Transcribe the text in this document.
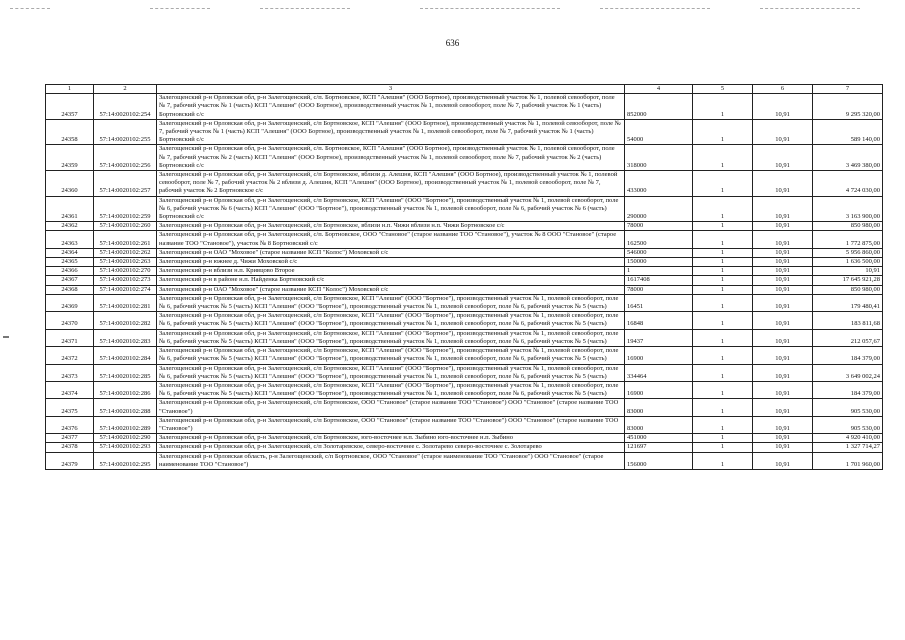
636
1	2	3	4	5	6	7
24357	57:14:0020102:254	Залегощенский р-н Орловская обл, р-н Залегощенский, с/п. Бортновское, КСП "Алешня" (ООО Бортное), производственный участок № 1, полевой севооборот, поле № 7, рабочий участок № 1 (часть) КСП "Алешня" (ООО Бортное), производственный участок № 1, полевой севооборот, поле № 7, рабочий участок № 1 (часть) Бортновский с/с	852000	1	10,91	9 295 320,00
24358	57:14:0020102:255	Залегощенский р-н Орловская обл, р-н Залегощенский, с/п Бортновское, КСП "Алешня" (ООО Бортное), производственный участок № 1, полевой севооборот, поле № 7, рабочий участок № 1 (часть) КСП "Алешня" (ООО Бортное), производственный участок № 1, полевой севооборот, поле № 7, рабочий участок № 1 (часть) Бортновский с/с	54000	1	10,91	589 140,00
24359	57:14:0020102:256	Залегощенский р-н Орловская обл, р-н Залегощенский, с/п. Бортновское, КСП "Алешня" (ООО Бортное), производственный участок № 1, полевой севооборот, поле № 7, рабочий участок № 2 (часть) КСП "Алешня" (ООО Бортное), производственный участок № 1, полевой севооборот, поле № 7, рабочий участок № 2 (часть) Бортновский с/с	318000	1	10,91	3 469 380,00
24360	57:14:0020102:257	Залегощенский р-н Орловская обл, р-н Залегощенский, с/п Бортновское, вблизи д. Алешня, КСП "Алешня" (ООО Бортное), производственный участок № 1, полевой севооборот, поле № 7, рабочий участок № 2 вблизи д. Алешня, КСП "Алешня" (ООО Бортное), производственный участок № 1, полевой севооборот, поле № 7, рабочий участок № 2 Бортновское с/с	433000	1	10,91	4 724 030,00
24361	57:14:0020102:259	Залегощенский р-н Орловская обл, р-н Залегощенский, с/п Бортновское, КСП "Алешня" (ООО "Бортное"), производственный участок № 1, полевой севооборот, поле № 6, рабочий участок № 6 (часть) КСП "Алешня" (ООО "Бортное"), производственный участок № 1, полевой севооборот, поле № 6, рабочий участок № 6 (часть) Бортновский с/с	290000	1	10,91	3 163 900,00
24362	57:14:0020102:260	Залегощенский р-н Орловская обл, р-н Залегощенский, с/п Бортновское, вблизи н.п. Чижи вблизи н.п. Чижи Бортновское с/с	78000	1	10,91	850 980,00
24363	57:14:0020102:261	Залегощенский р-н Орловская обл, р-н Залегощенский, с/п. Бортновское, ООО "Становое" (старое название ТОО "Становое"), участок № 8 ООО "Становое" (старое название ТОО "Становое"), участок № 8 Бортновский с/с	162500	1	10,91	1 772 875,00
24364	57:14:0020102:262	Залегощенский р-н ОАО "Моховое" (старое название КСП "Колос") Моховской с/с	546000	1	10,91	5 956 860,00
24365	57:14:0020102:263	Залегощенский р-н южнее д. Чижи Моховской с/с	150000	1	10,91	1 636 500,00
24366	57:14:0020102:270	Залегощенский р-н вблизи н.п. Кривцово Второе	1	1	10,91	10,91
24367	57:14:0020102:273	Залегощенский р-н в районе н.п. Найденка Бортновский с/с	1617408	1	10,91	17 645 921,28
24368	57:14:0020102:274	Залегощенский р-н ОАО "Моховое" (старое название КСП "Колос") Моховской с/с	78000	1	10,91	850 980,00
24369	57:14:0020102:281	Залегощенский р-н Орловская обл, р-н Залегощенский, с/п Бортновское, КСП "Алешня" (ООО "Бортное"), производственный участок № 1, полевой севооборот, поле № 6, рабочий участок № 5 (часть) КСП "Алешня" (ООО "Бортное"), производственный участок № 1, полевой севооборот, поле № 6, рабочий участок № 5 (часть)	16451	1	10,91	179 480,41
24370	57:14:0020102:282	Залегощенский р-н Орловская обл, р-н Залегощенский, с/п Бортновское, КСП "Алешня" (ООО "Бортное"), производственный участок № 1, полевой севооборот, поле № 6, рабочий участок № 5 (часть) КСП "Алешня" (ООО "Бортное"), производственный участок № 1, полевой севооборот, поле № 6, рабочий участок № 5 (часть)	16848	1	10,91	183 811,68
24371	57:14:0020102:283	Залегощенский р-н Орловская обл, р-н Залегощенский, с/п Бортновское, КСП "Алешня" (ООО "Бортное"), производственный участок № 1, полевой севооборот, поле № 6, рабочий участок № 5 (часть) КСП "Алешня" (ООО "Бортное"), производственный участок № 1, полевой севооборот, поле № 6, рабочий участок № 5 (часть)	19437	1	10,91	212 057,67
24372	57:14:0020102:284	Залегощенский р-н Орловская обл, р-н Залегощенский, с/п Бортновское, КСП "Алешня" (ООО "Бортное"), производственный участок № 1, полевой севооборот, поле № 6, рабочий участок № 5 (часть) КСП "Алешня" (ООО "Бортное"), производственный участок № 1, полевой севооборот, поле № 6, рабочий участок № 5 (часть)	16900	1	10,91	184 379,00
24373	57:14:0020102:285	Залегощенский р-н Орловская обл, р-н Залегощенский, с/п Бортновское, КСП "Алешня" (ООО "Бортное"), производственный участок № 1, полевой севооборот, поле № 6, рабочий участок № 5 (часть) КСП "Алешня" (ООО "Бортное"), производственный участок № 1, полевой севооборот, поле № 6, рабочий участок № 5 (часть)	334464	1	10,91	3 649 002,24
24374	57:14:0020102:286	Залегощенский р-н Орловская обл, р-н Залегощенский, с/п Бортновское, КСП "Алешня" (ООО "Бортное"), производственный участок № 1, полевой севооборот, поле № 6, рабочий участок № 5 (часть) КСП "Алешня" (ООО "Бортное"), производственный участок № 1, полевой севооборот, поле № 6, рабочий участок № 5 (часть)	16900	1	10,91	184 379,00
24375	57:14:0020102:288	Залегощенский р-н Орловская обл, р-н Залегощенский, с/п Бортновское, ООО "Становое" (старое название ТОО "Становое") ООО "Становое" (старое название ТОО "Становое")	83000	1	10,91	905 530,00
24376	57:14:0020102:289	Залегощенский р-н Орловская обл, р-н Залегощенский, с/п Бортновское, ООО "Становое" (старое название ТОО "Становое") ООО "Становое" (старое название ТОО "Становое")	83000	1	10,91	905 530,00
24377	57:14:0020102:290	Залегощенский р-н Орловская обл, р-н Залегощенский, с/п Бортновское, юго-восточнее н.п. Зыбино юго-восточнее н.п. Зыбино	451000	1	10,91	4 920 410,00
24378	57:14:0020102:293	Залегощенский р-н Орловская обл, р-н Залегощенский, с/п Золотаревское, северо-восточнее с. Золотарево северо-восточнее с. Золотарево	121697	1	10,91	1 327 714,27
24379	57:14:0020102:295	Залегощенский р-н Орловская область, р-н Залегощенский, с/п Бортновское, ООО "Становое" (старое наименование ТОО "Становое") ООО "Становое" (старое наименование ТОО "Становое")	156000	1	10,91	1 701 960,00
